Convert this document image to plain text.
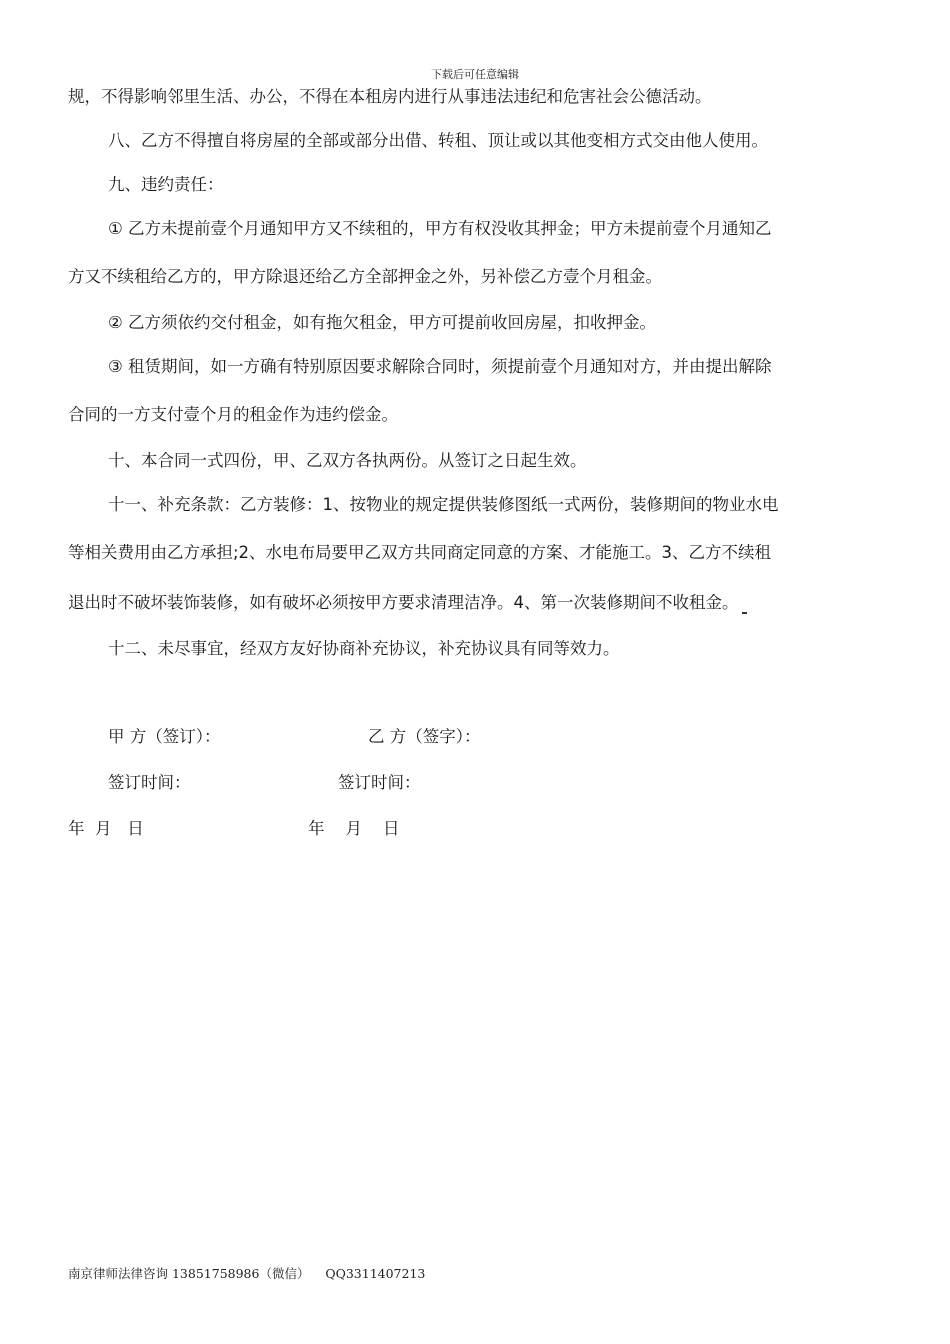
下载后可任意编辑
规，不得影响邻里生活、办公，不得在本租房内进行从事违法违纪和危害社会公德活动。
八、乙方不得擅自将房屋的全部或部分出借、转租、顶让或以其他变相方式交由他人使用。
九、违约责任：
① 乙方未提前壹个月通知甲方又不续租的，甲方有权没收其押金；甲方未提前壹个月通知乙
方又不续租给乙方的，甲方除退还给乙方全部押金之外，另补偿乙方壹个月租金。
② 乙方须依约交付租金，如有拖欠租金，甲方可提前收回房屋，扣收押金。
③ 租赁期间，如一方确有特别原因要求解除合同时，须提前壹个月通知对方，并由提出解除
合同的一方支付壹个月的租金作为违约偿金。
十、本合同一式四份，甲、乙双方各执两份。从签订之日起生效。
十一、补充条款：乙方装修：1、按物业的规定提供装修图纸一式两份，装修期间的物业水电
等相关费用由乙方承担;2、水电布局要甲乙双方共同商定同意的方案、才能施工。3、乙方不续租
退出时不破坏装饰装修，如有破坏必须按甲方要求清理洁净。4、第一次装修期间不收租金。
十二、未尽事宜，经双方友好协商补充协议，补充协议具有同等效力。
甲 方（签订）：	乙 方（签字）：
签订时间：	签订时间：
年  月   日	年    月    日
南京律师法律咨询 13851758986（微信）    QQ3311407213
